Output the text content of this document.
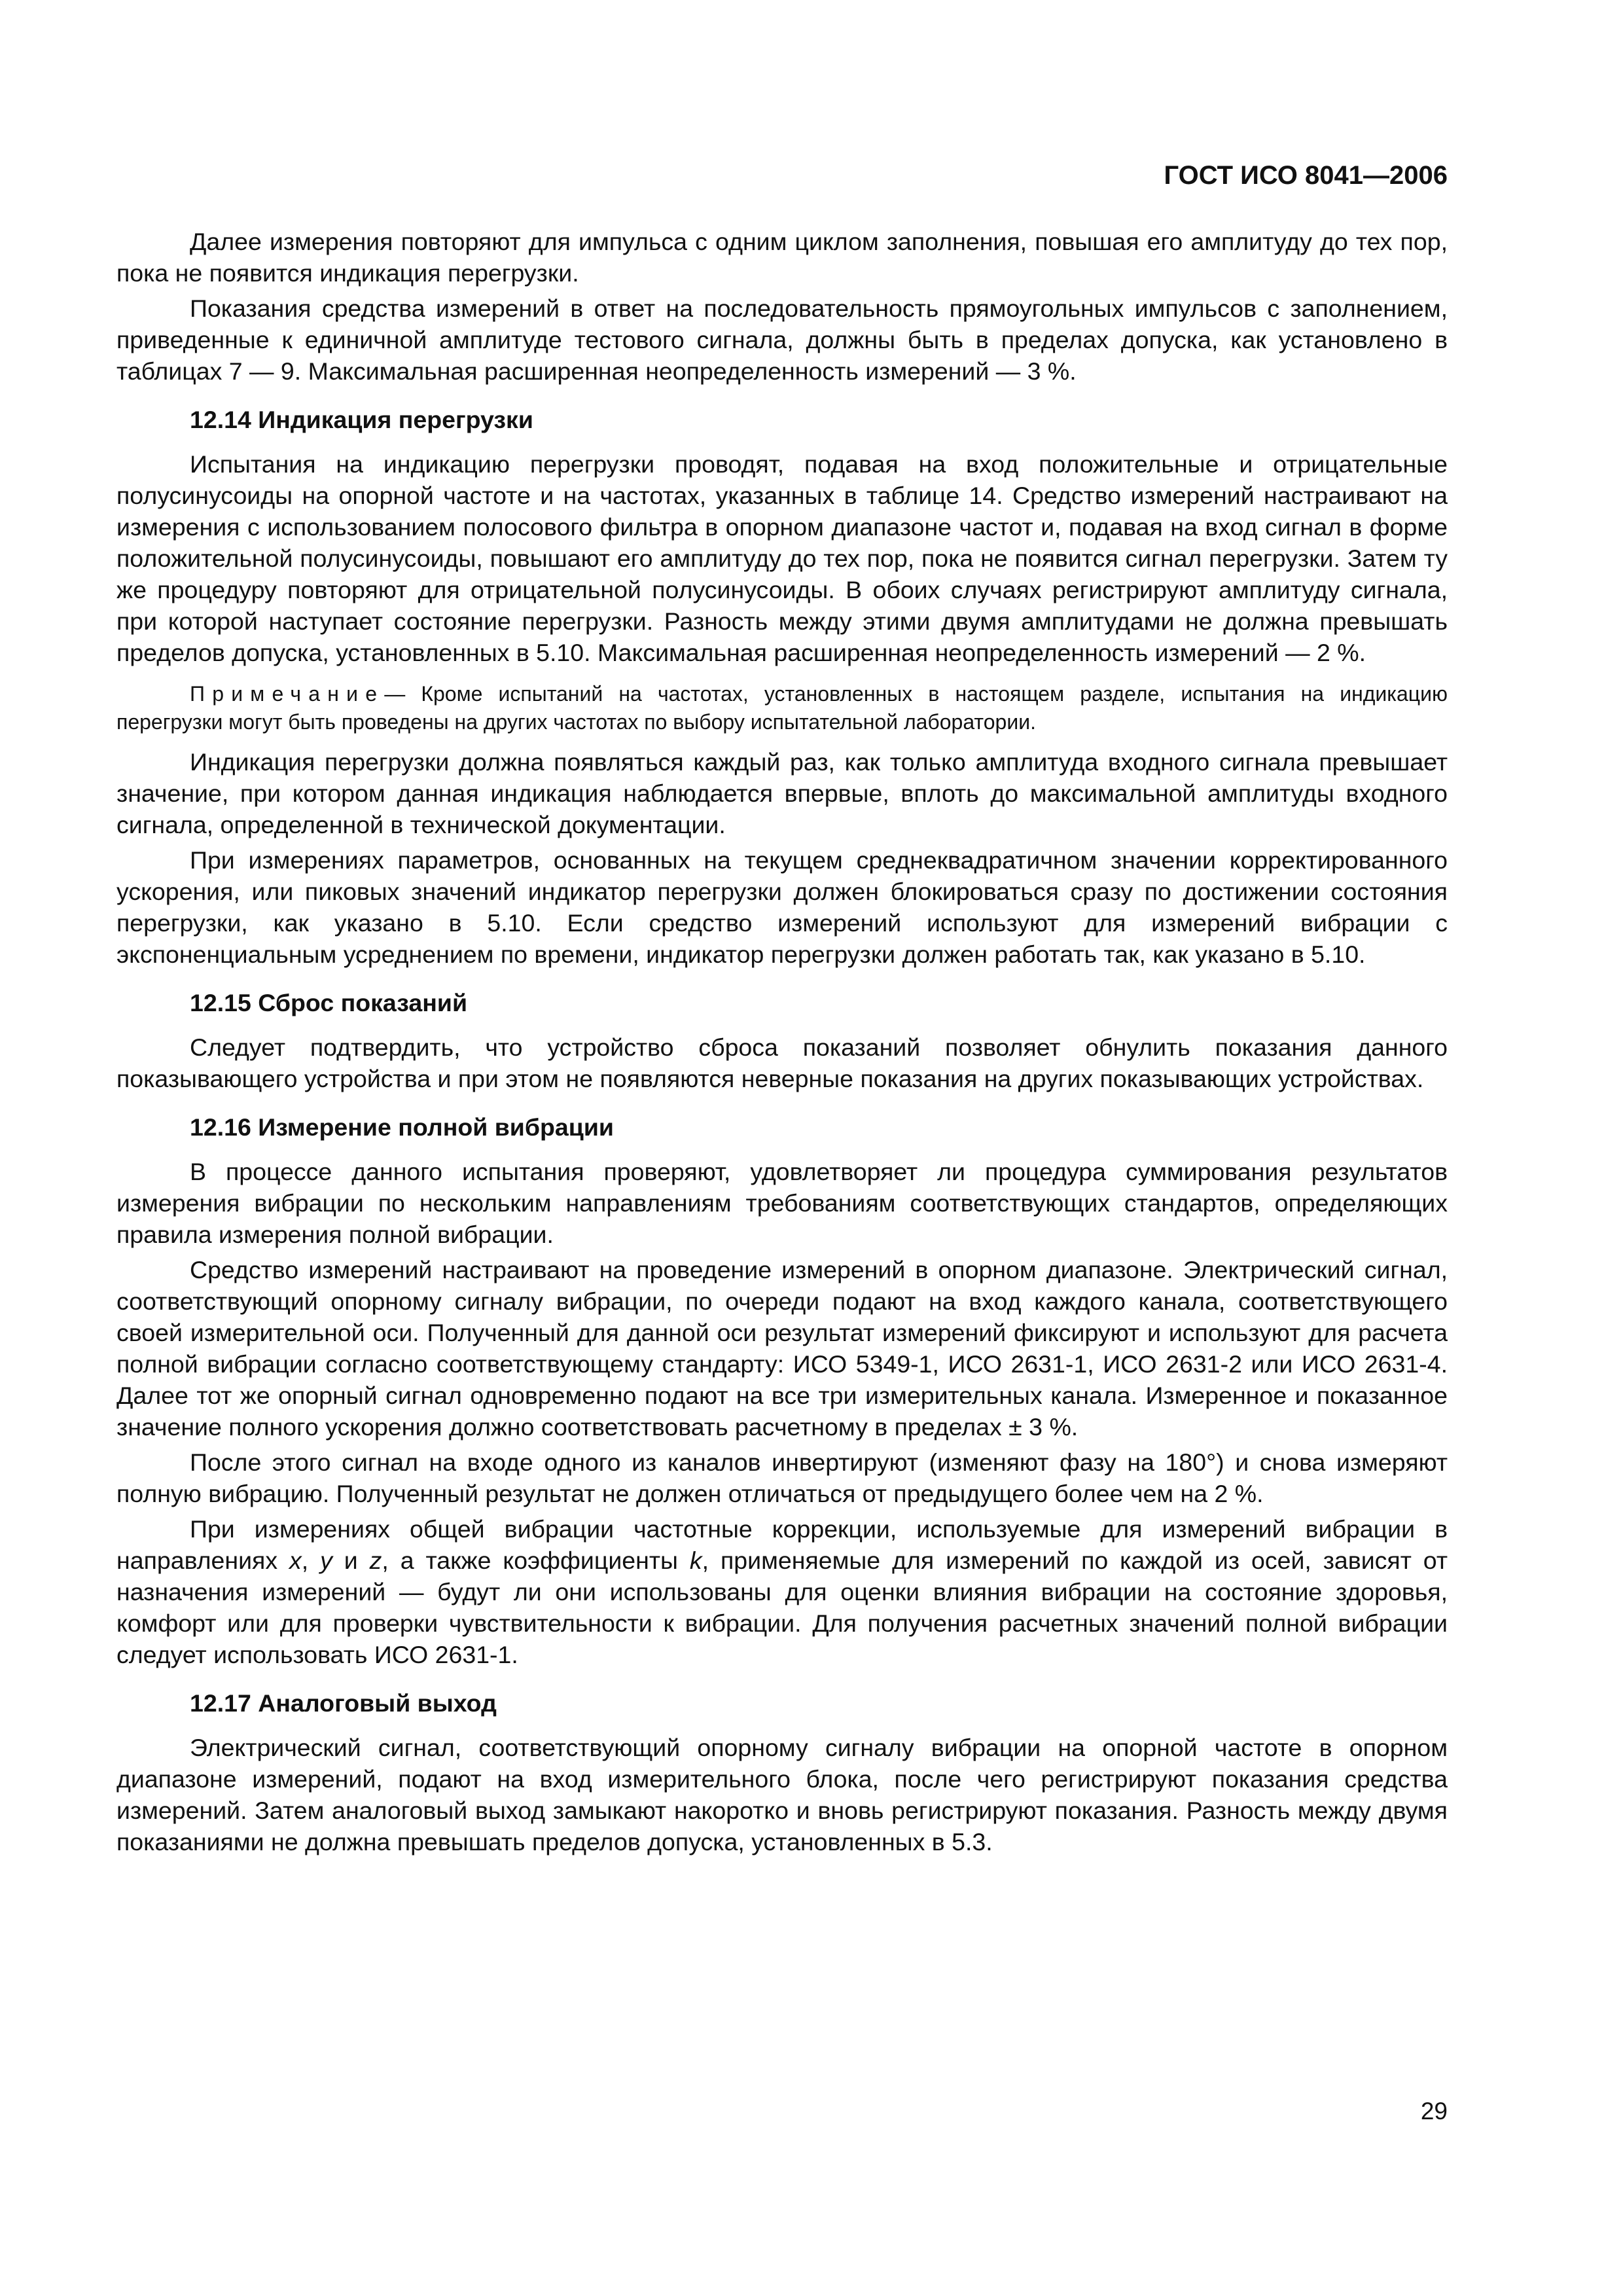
ГОСТ ИСО 8041—2006

Далее измерения повторяют для импульса с одним циклом заполнения, повышая его амплитуду до тех пор, пока не появится индикация перегрузки.

Показания средства измерений в ответ на последовательность прямоугольных импульсов с заполнением, приведенные к единичной амплитуде тестового сигнала, должны быть в пределах допуска, как установлено в таблицах 7 — 9. Максимальная расширенная неопределенность измерений — 3 %.

12.14 Индикация перегрузки

Испытания на индикацию перегрузки проводят, подавая на вход положительные и отрицательные полусинусоиды на опорной частоте и на частотах, указанных в таблице 14. Средство измерений настраивают на измерения с использованием полосового фильтра в опорном диапазоне частот и, подавая на вход сигнал в форме положительной полусинусоиды, повышают его амплитуду до тех пор, пока не появится сигнал перегрузки. Затем ту же процедуру повторяют для отрицательной полусинусоиды. В обоих случаях регистрируют амплитуду сигнала, при которой наступает состояние перегрузки. Разность между этими двумя амплитудами не должна превышать пределов допуска, установленных в 5.10. Максимальная расширенная неопределенность измерений — 2 %.

Примечание— Кроме испытаний на частотах, установленных в настоящем разделе, испытания на индикацию перегрузки могут быть проведены на других частотах по выбору испытательной лаборатории.

Индикация перегрузки должна появляться каждый раз, как только амплитуда входного сигнала превышает значение, при котором данная индикация наблюдается впервые, вплоть до максимальной амплитуды входного сигнала, определенной в технической документации.

При измерениях параметров, основанных на текущем среднеквадратичном значении корректированного ускорения, или пиковых значений индикатор перегрузки должен блокироваться сразу по достижении состояния перегрузки, как указано в 5.10. Если средство измерений используют для измерений вибрации с экспоненциальным усреднением по времени, индикатор перегрузки должен работать так, как указано в 5.10.

12.15 Сброс показаний

Следует подтвердить, что устройство сброса показаний позволяет обнулить показания данного показывающего устройства и при этом не появляются неверные показания на других показывающих устройствах.

12.16 Измерение полной вибрации

В процессе данного испытания проверяют, удовлетворяет ли процедура суммирования результатов измерения вибрации по нескольким направлениям требованиям соответствующих стандартов, определяющих правила измерения полной вибрации.

Средство измерений настраивают на проведение измерений в опорном диапазоне. Электрический сигнал, соответствующий опорному сигналу вибрации, по очереди подают на вход каждого канала, соответствующего своей измерительной оси. Полученный для данной оси результат измерений фиксируют и используют для расчета полной вибрации согласно соответствующему стандарту: ИСО 5349-1, ИСО 2631-1, ИСО 2631-2 или ИСО 2631-4. Далее тот же опорный сигнал одновременно подают на все три измерительных канала. Измеренное и показанное значение полного ускорения должно соответствовать расчетному в пределах ± 3 %.

После этого сигнал на входе одного из каналов инвертируют (изменяют фазу на 180°) и снова измеряют полную вибрацию. Полученный результат не должен отличаться от предыдущего более чем на 2 %.

При измерениях общей вибрации частотные коррекции, используемые для измерений вибрации в направлениях x, y и z, а также коэффициенты k, применяемые для измерений по каждой из осей, зависят от назначения измерений — будут ли они использованы для оценки влияния вибрации на состояние здоровья, комфорт или для проверки чувствительности к вибрации. Для получения расчетных значений полной вибрации следует использовать ИСО 2631-1.

12.17 Аналоговый выход

Электрический сигнал, соответствующий опорному сигналу вибрации на опорной частоте в опорном диапазоне измерений, подают на вход измерительного блока, после чего регистрируют показания средства измерений. Затем аналоговый выход замыкают накоротко и вновь регистрируют показания. Разность между двумя показаниями не должна превышать пределов допуска, установленных в 5.3.

29
